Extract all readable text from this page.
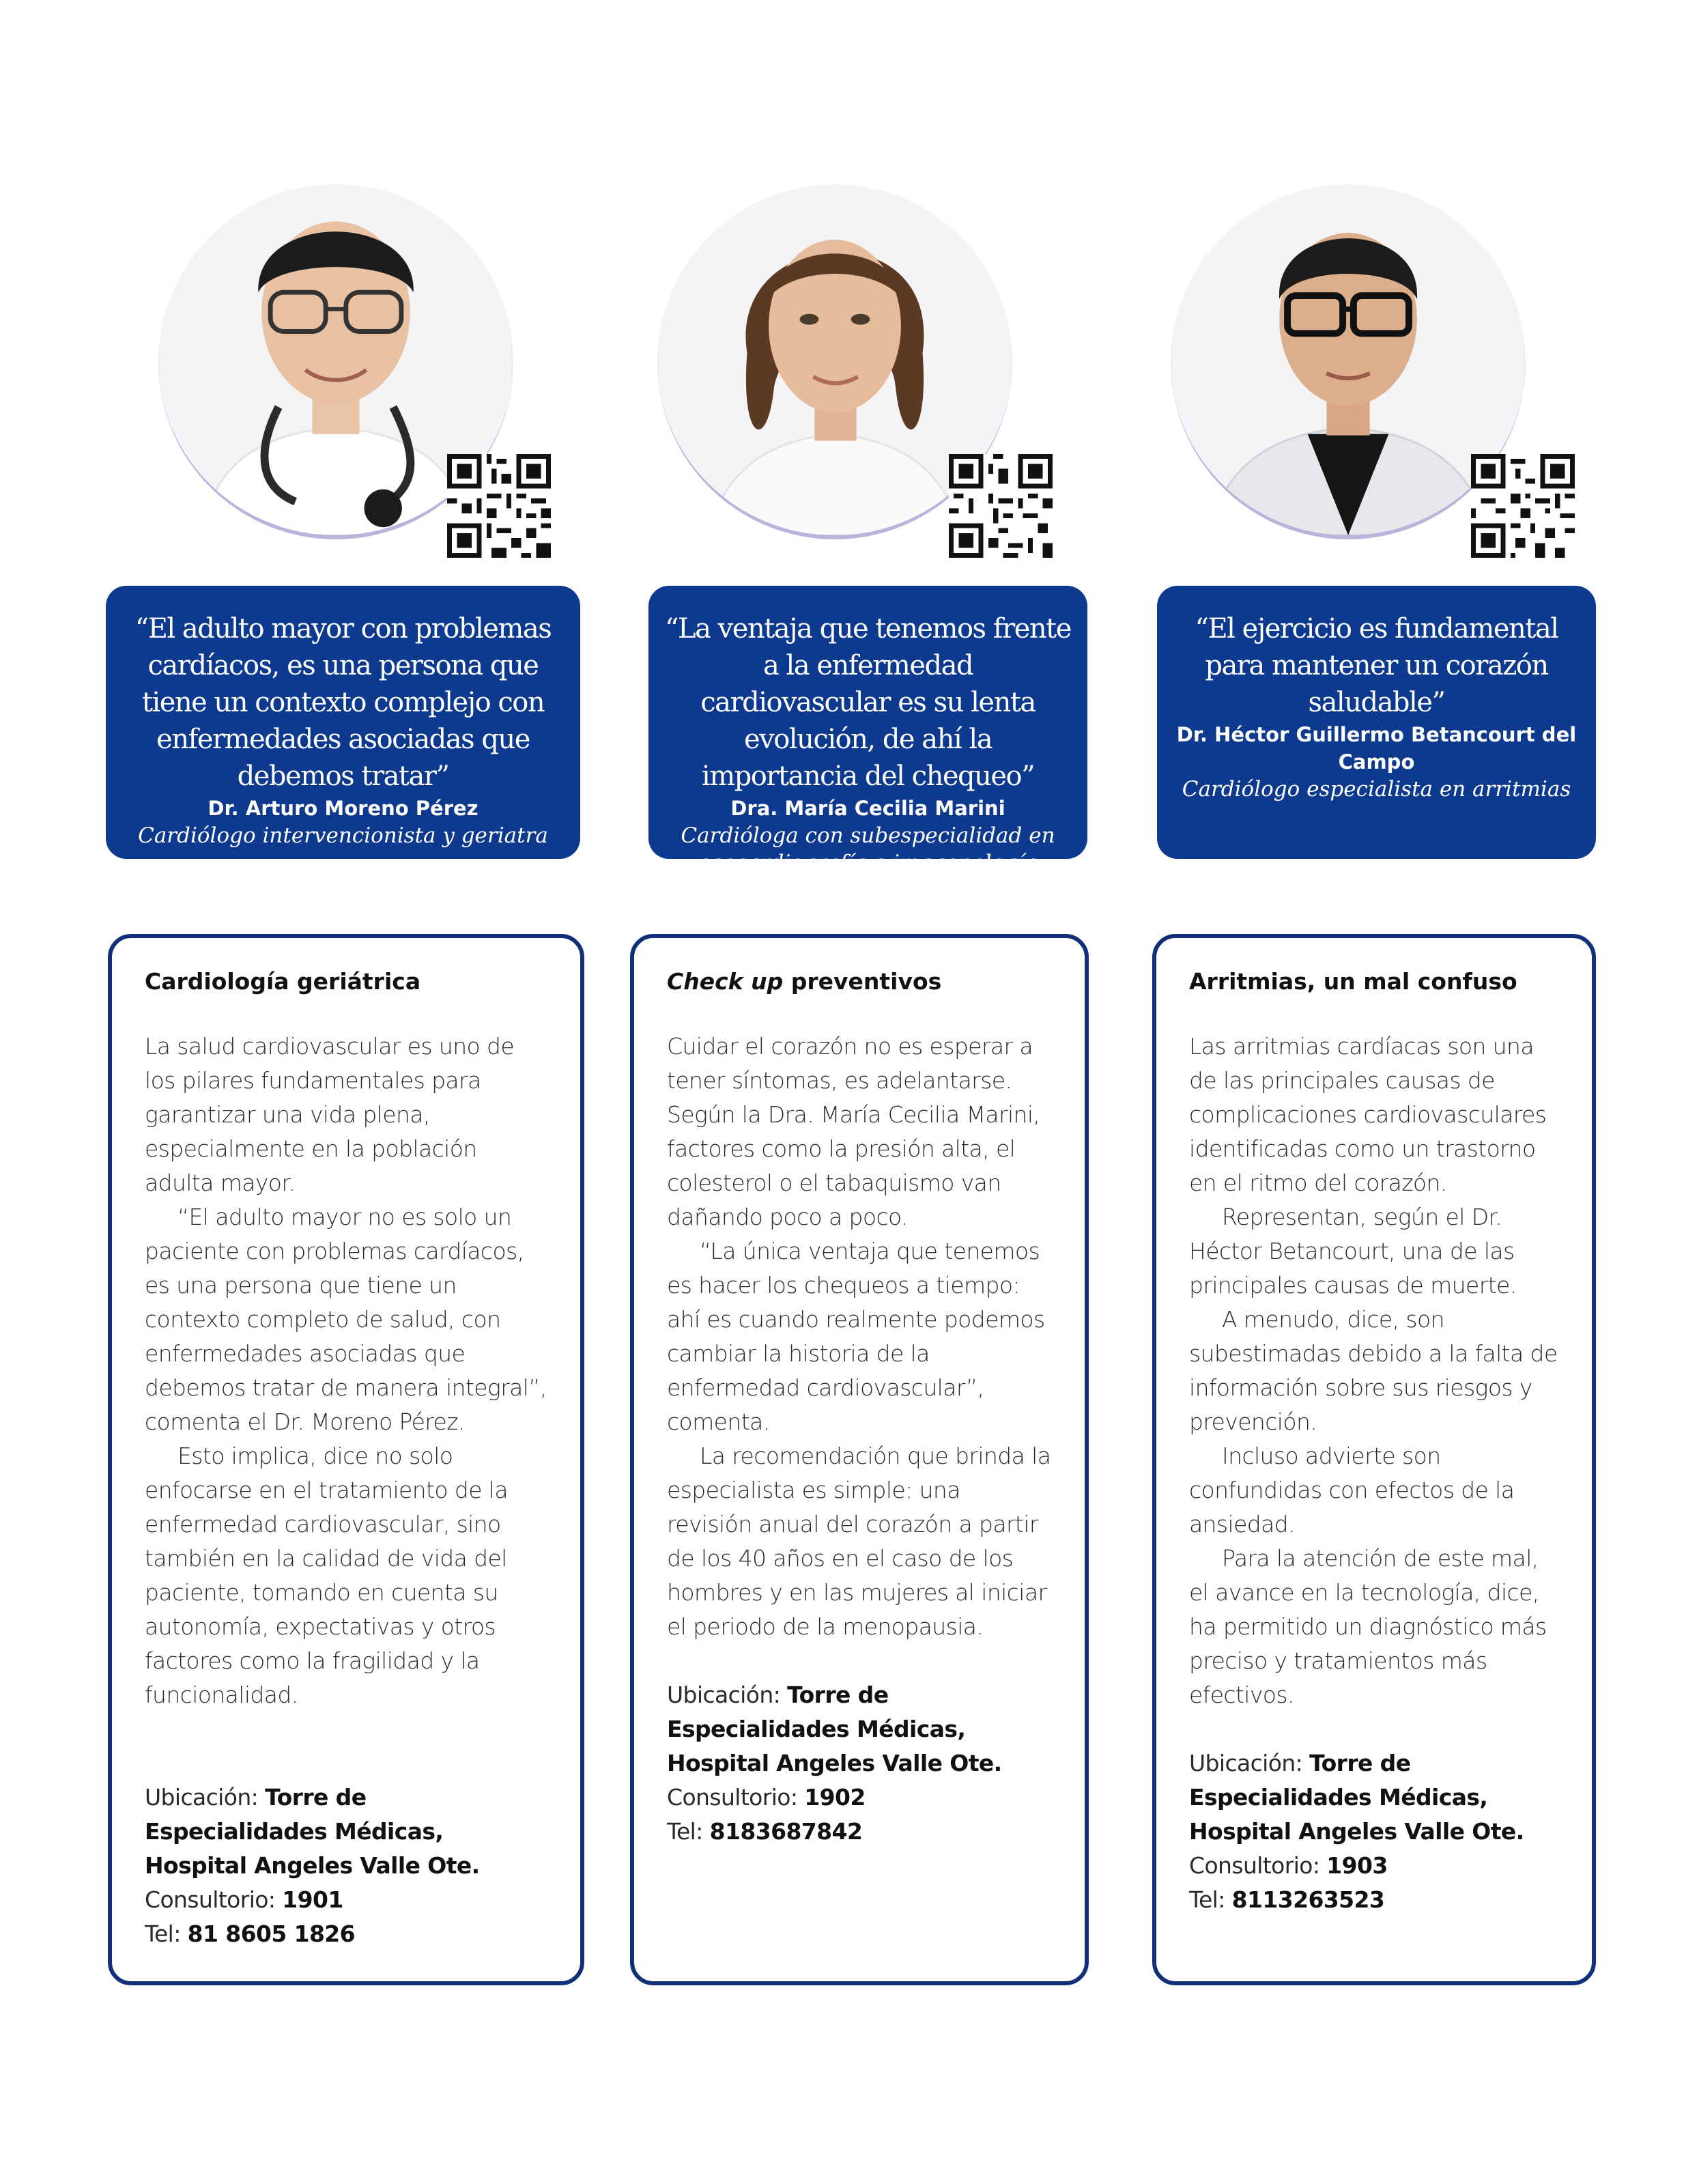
“El adulto mayor con problemas cardíacos, es una persona que tiene un contexto complejo con enfermedades asociadas que debemos tratar”

Dr. Arturo Moreno Pérez

Cardiólogo intervencionista y geriatra

Cardiología geriátrica

La salud cardiovascular es uno de los pilares fundamentales para garantizar una vida plena, especialmente en la población adulta mayor.

“El adulto mayor no es solo un paciente con problemas cardíacos, es una persona que tiene un contexto completo de salud, con enfermedades asociadas que debemos tratar de manera integral”, comenta el Dr. Moreno Pérez.

Esto implica, dice no solo enfocarse en el tratamiento de la enfermedad cardiovascular, sino también en la calidad de vida del paciente, tomando en cuenta su autonomía, expectativas y otros factores como la fragilidad y la funcionalidad.

Ubicación: Torre de Especialidades Médicas, Hospital Angeles Valle Ote.
Consultorio: 1901
Tel: 81 8605 1826

“La ventaja que tenemos frente a la enfermedad cardiovascular es su lenta evolución, de ahí la importancia del chequeo”

Dra. María Cecilia Marini

Cardióloga con subespecialidad en ecocardiografía e imagenología

Check up preventivos

Cuidar el corazón no es esperar a tener síntomas, es adelantarse. Según la Dra. María Cecilia Marini, factores como la presión alta, el colesterol o el tabaquismo van dañando poco a poco.

“La única ventaja que tenemos es hacer los chequeos a tiempo: ahí es cuando realmente podemos cambiar la historia de la enfermedad cardiovascular”, comenta.

La recomendación que brinda la especialista es simple: una revisión anual del corazón a partir de los 40 años en el caso de los hombres y en las mujeres al iniciar el periodo de la menopausia.

Ubicación: Torre de Especialidades Médicas, Hospital Angeles Valle Ote.
Consultorio: 1902
Tel: 8183687842

“El ejercicio es fundamental para mantener un corazón saludable”

Dr. Héctor Guillermo Betancourt del Campo

Cardiólogo especialista en arritmias

Arritmias, un mal confuso

Las arritmias cardíacas son una de las principales causas de complicaciones cardiovasculares identificadas como un trastorno en el ritmo del corazón.

Representan, según el Dr. Héctor Betancourt, una de las principales causas de muerte.

A menudo, dice, son subestimadas debido a la falta de información sobre sus riesgos y prevención.

Incluso advierte son confundidas con efectos de la ansiedad.

Para la atención de este mal, el avance en la tecnología, dice, ha permitido un diagnóstico más preciso y tratamientos más efectivos.

Ubicación: Torre de Especialidades Médicas, Hospital Angeles Valle Ote.
Consultorio: 1903
Tel: 8113263523
